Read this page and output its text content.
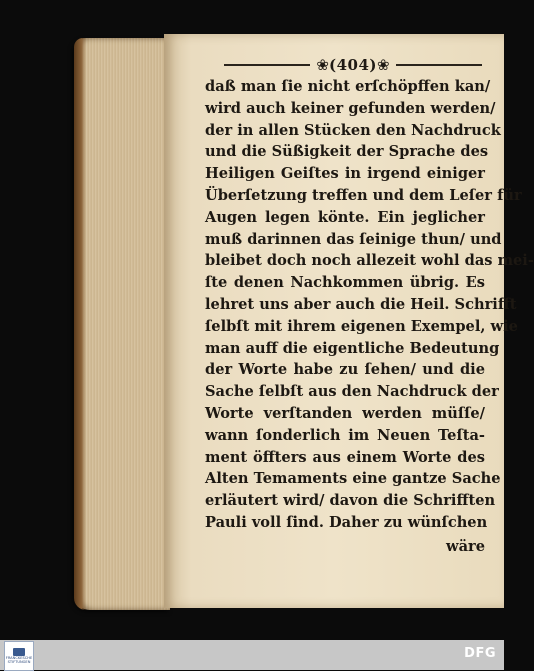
❀ (404) ❀
daß man ſie nicht erſchöpffen kan/
wird auch keiner gefunden werden/
der in allen Stücken den Nachdruck
und die Süßigkeit der Sprache des
Heiligen Geiſtes in irgend einiger
Überſetzung treffen und dem Leſer für
Augen legen könte. Ein jeglicher
muß darinnen das ſeinige thun/ und
bleibet doch noch allezeit wohl das mei-
ſte denen Nachkommen übrig. Es
lehret uns aber auch die Heil. Schrifft
ſelbſt mit ihrem eigenen Exempel, wie
man auff die eigentliche Bedeutung
der Worte habe zu ſehen/ und die
Sache ſelbſt aus den Nachdruck der
Worte verſtanden werden müſſe/
wann ſonderlich im Neuen Teſta-
ment öffters aus einem Worte des
Alten Temaments eine gantze Sache
erläutert wird/ davon die Schrifften
Pauli voll ſind. Daher zu wünſchen
wäre
FRANCKESCHE
STIFTUNGEN
DFG
